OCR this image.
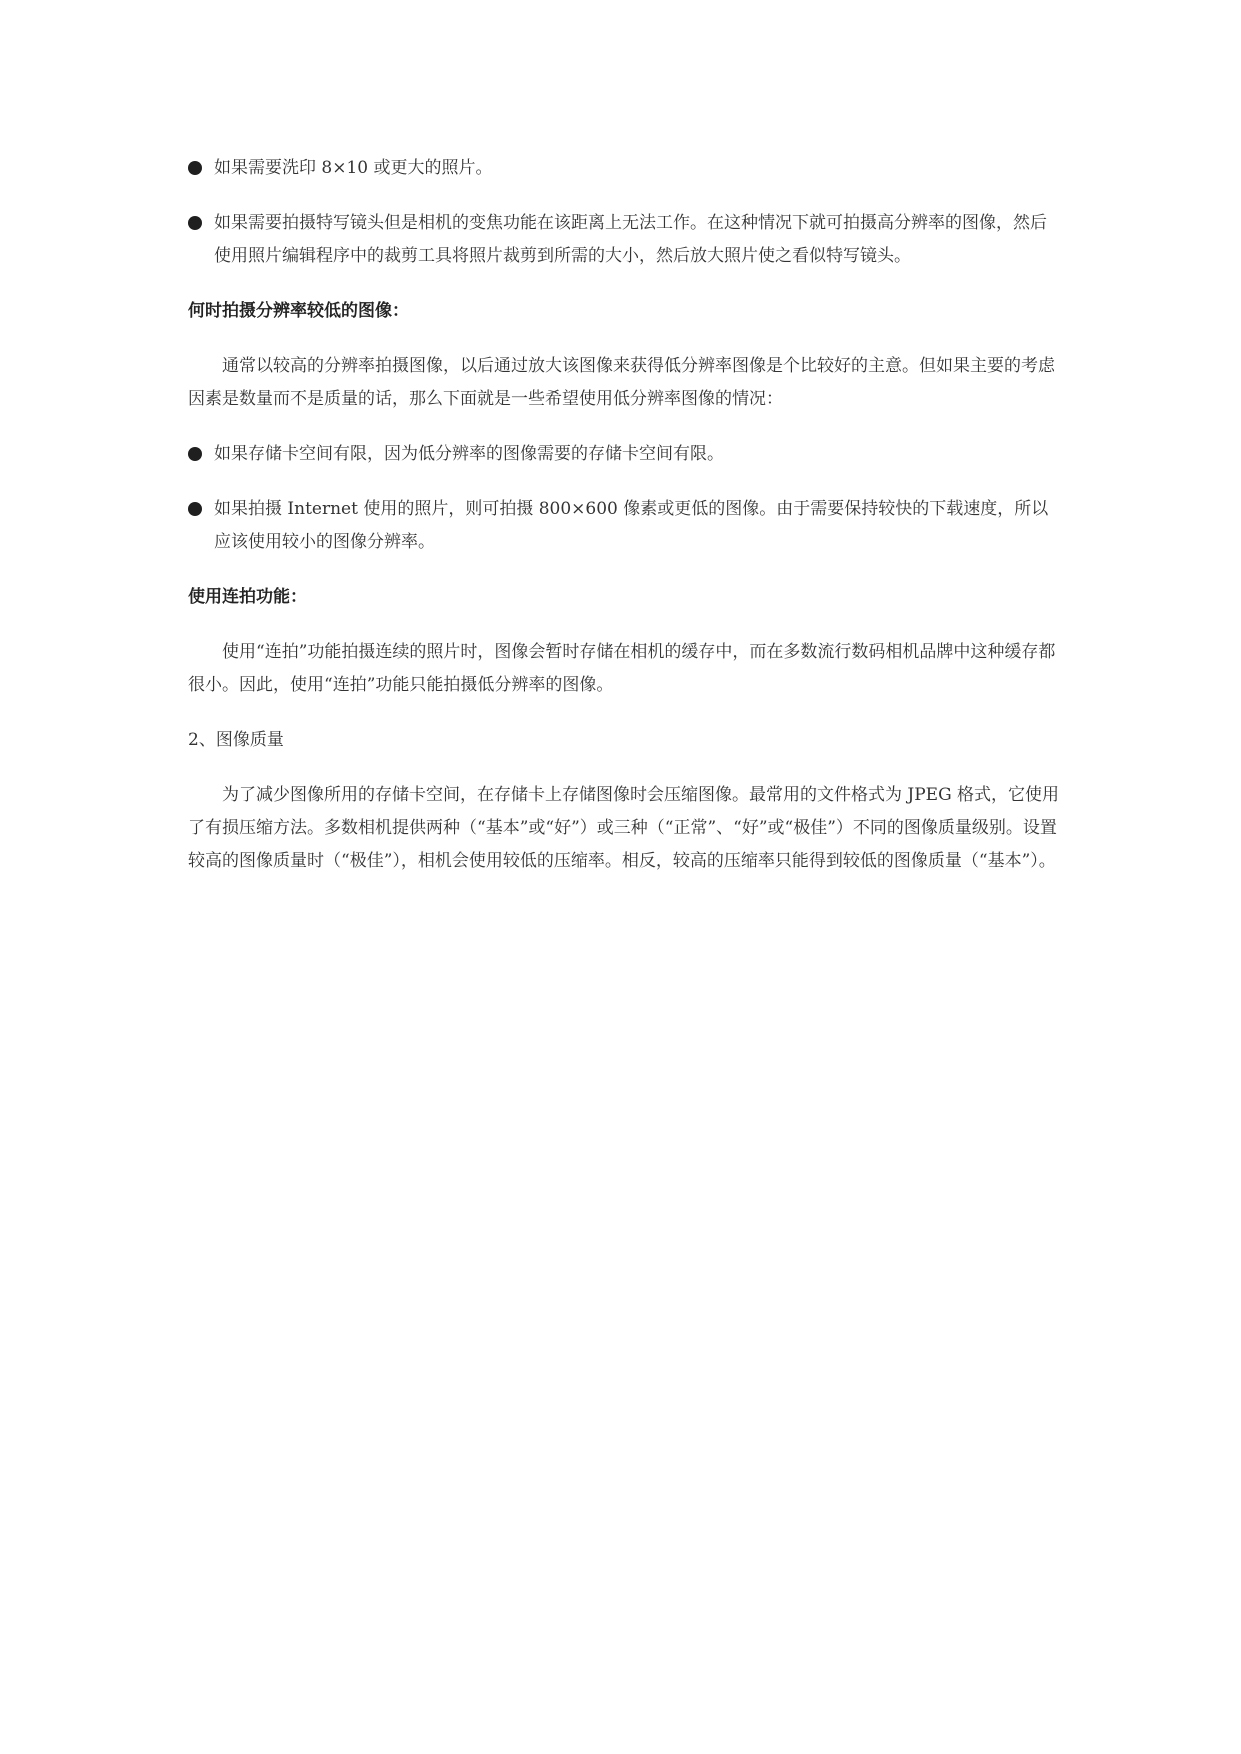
如果需要洗印 8×10 或更大的照片。
如果需要拍摄特写镜头但是相机的变焦功能在该距离上无法工作。在这种情况下就可拍摄高分辨率的图像，然后使用照片编辑程序中的裁剪工具将照片裁剪到所需的大小，然后放大照片使之看似特写镜头。
何时拍摄分辨率较低的图像：
通常以较高的分辨率拍摄图像，以后通过放大该图像来获得低分辨率图像是个比较好的主意。但如果主要的考虑因素是数量而不是质量的话，那么下面就是一些希望使用低分辨率图像的情况：
如果存储卡空间有限，因为低分辨率的图像需要的存储卡空间有限。
如果拍摄 Internet 使用的照片，则可拍摄 800×600 像素或更低的图像。由于需要保持较快的下载速度，所以应该使用较小的图像分辨率。
使用连拍功能：
使用“连拍”功能拍摄连续的照片时，图像会暂时存储在相机的缓存中，而在多数流行数码相机品牌中这种缓存都很小。因此，使用“连拍”功能只能拍摄低分辨率的图像。
2、图像质量
为了减少图像所用的存储卡空间，在存储卡上存储图像时会压缩图像。最常用的文件格式为 JPEG 格式，它使用了有损压缩方法。多数相机提供两种（“基本”或“好”）或三种（“正常”、“好”或“极佳”）不同的图像质量级别。设置较高的图像质量时（“极佳”），相机会使用较低的压缩率。相反，较高的压缩率只能得到较低的图像质量（“基本”）。
